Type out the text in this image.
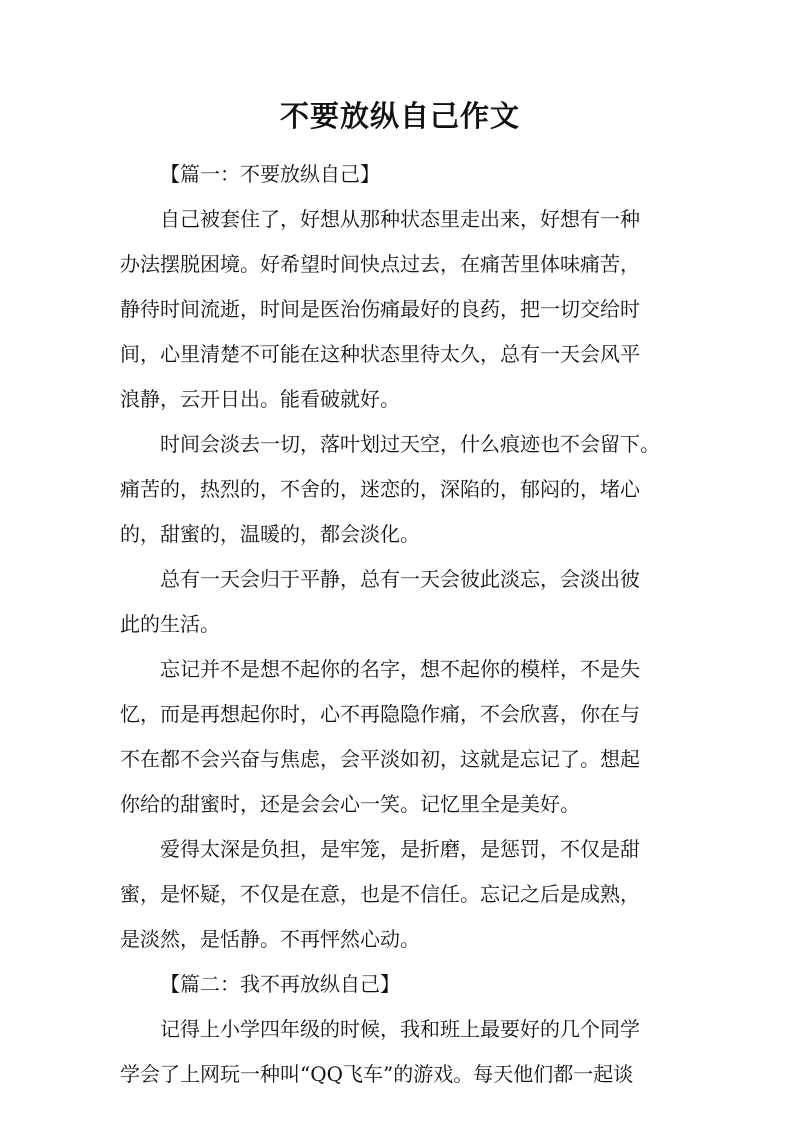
不要放纵自己作文
【篇一：不要放纵自己】
自己被套住了，好想从那种状态里走出来，好想有一种
办法摆脱困境。好希望时间快点过去，在痛苦里体味痛苦，
静待时间流逝，时间是医治伤痛最好的良药，把一切交给时
间，心里清楚不可能在这种状态里待太久，总有一天会风平
浪静，云开日出。能看破就好。
时间会淡去一切，落叶划过天空，什么痕迹也不会留下。
痛苦的，热烈的，不舍的，迷恋的，深陷的，郁闷的，堵心
的，甜蜜的，温暖的，都会淡化。
总有一天会归于平静，总有一天会彼此淡忘，会淡出彼
此的生活。
忘记并不是想不起你的名字，想不起你的模样，不是失
忆，而是再想起你时，心不再隐隐作痛，不会欣喜，你在与
不在都不会兴奋与焦虑，会平淡如初，这就是忘记了。想起
你给的甜蜜时，还是会会心一笑。记忆里全是美好。
爱得太深是负担，是牢笼，是折磨，是惩罚，不仅是甜
蜜，是怀疑，不仅是在意，也是不信任。忘记之后是成熟，
是淡然，是恬静。不再怦然心动。
【篇二：我不再放纵自己】
记得上小学四年级的时候，我和班上最要好的几个同学
学会了上网玩一种叫“QQ飞车”的游戏。每天他们都一起谈
